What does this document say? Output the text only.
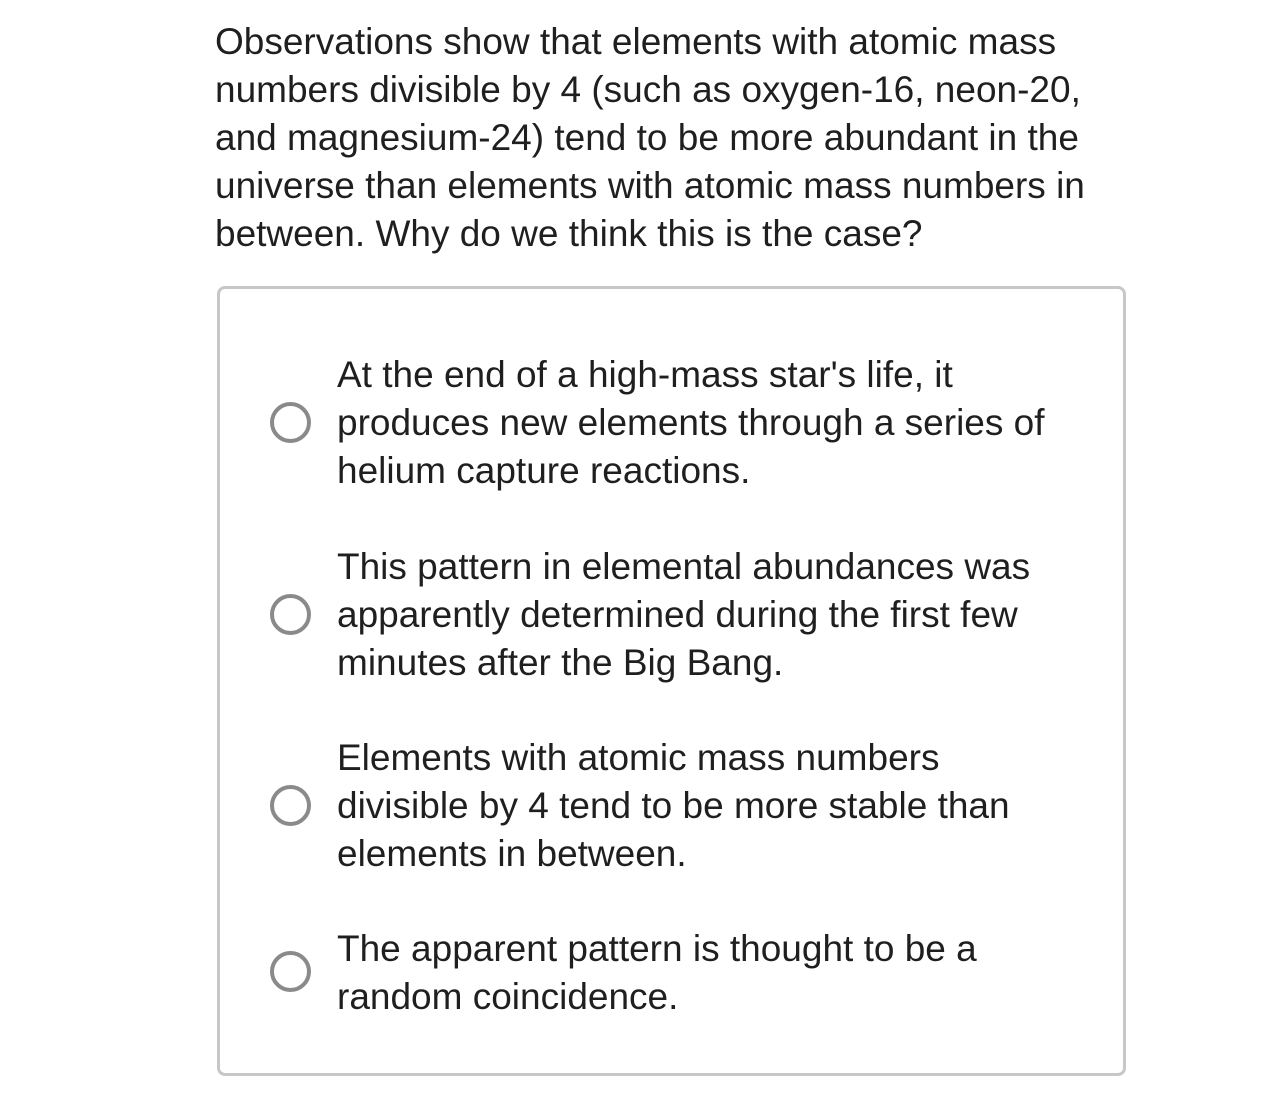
Observations show that elements with atomic mass numbers divisible by 4 (such as oxygen-16, neon-20, and magnesium-24) tend to be more abundant in the universe than elements with atomic mass numbers in between. Why do we think this is the case?

At the end of a high-mass star's life, it produces new elements through a series of helium capture reactions.
This pattern in elemental abundances was apparently determined during the first few minutes after the Big Bang.
Elements with atomic mass numbers divisible by 4 tend to be more stable than elements in between.
The apparent pattern is thought to be a random coincidence.
